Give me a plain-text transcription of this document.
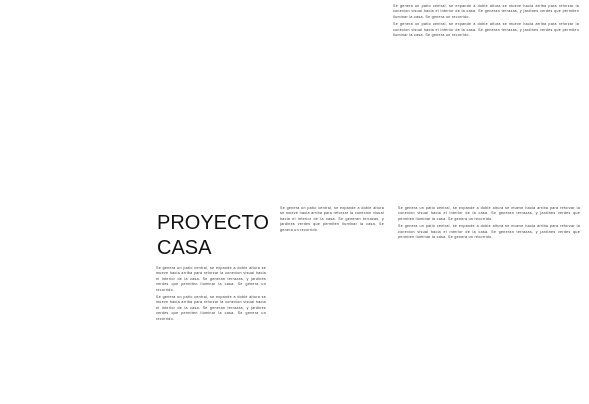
Se genera un patio central, se expande a doble altura se mueve hacia arriba para reforzar la conexion visual hacia el interior de la casa. Se generan terrazas, y jardines verdes que permiten iluminar la casa. Se genera un recorrido.

Se genera un patio central, se expande a doble altura se mueve hacia arriba para reforzar la conexion visual hacia el interior de la casa. Se generan terrazas, y jardines verdes que permiten iluminar la casa. Se genera un recorrido.

PROYECTO
CASA

Se genera un patio central, se expande a doble altura se mueve hacia arriba para reforzar la conexion visual hacia el interior de la casa. Se generan terrazas, y jardines verdes que permiten iluminar la casa. Se genera un recorrido.

Se genera un patio central, se expande a doble altura se mueve hacia arriba para reforzar la conexion visual hacia el interior de la casa. Se generan terrazas, y jardines verdes que permiten iluminar la casa. Se genera un recorrido.

Se genera un patio central, se expande a doble altura se mueve hacia arriba para reforzar la conexion visual hacia el interior de la casa. Se generan terrazas, y jardines verdes que permiten iluminar la casa. Se genera un recorrido.

Se genera un patio central, se expande a doble altura se mueve hacia arriba para reforzar la conexion visual hacia el interior de la casa. Se generan terrazas, y jardines verdes que permiten iluminar la casa. Se genera un recorrido.

Se genera un patio central, se expande a doble altura se mueve hacia arriba para reforzar la conexion visual hacia el interior de la casa. Se generan terrazas, y jardines verdes que permiten iluminar la casa. Se genera un recorrido.
